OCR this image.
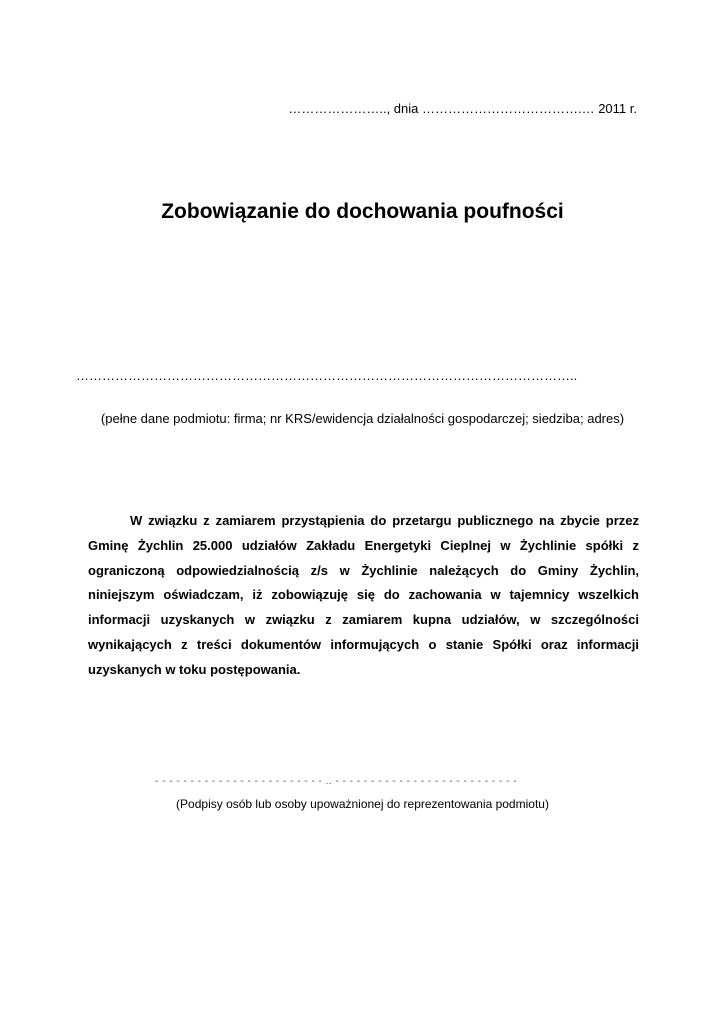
………………….., dnia ……………………………….… 2011 r.
Zobowiązanie do dochowania poufności
……………………………………………………………………………………………………..
(pełne dane podmiotu: firma; nr KRS/ewidencja działalności gospodarczej; siedziba; adres)

W związku z zamiarem przystąpienia do przetargu publicznego na zbycie przez Gminę Żychlin 25.000 udziałów Zakładu Energetyki Cieplnej w Żychlinie spółki z ograniczoną odpowiedzialnością z/s w Żychlinie należących do Gminy Żychlin, niniejszym oświadczam, iż zobowiązuję się do zachowania w tajemnicy wszelkich informacji uzyskanych w związku z zamiarem kupna udziałów, w szczególności wynikających z treści dokumentów informujących o stanie Spółki oraz informacji uzyskanych w toku postępowania.

- - - - - - - - - - - - - - - - - - - - - - - - .. - - - - - - - - - - - - - - - - - - - - - - - - - -
(Podpisy osób lub osoby upoważnionej do reprezentowania podmiotu)
